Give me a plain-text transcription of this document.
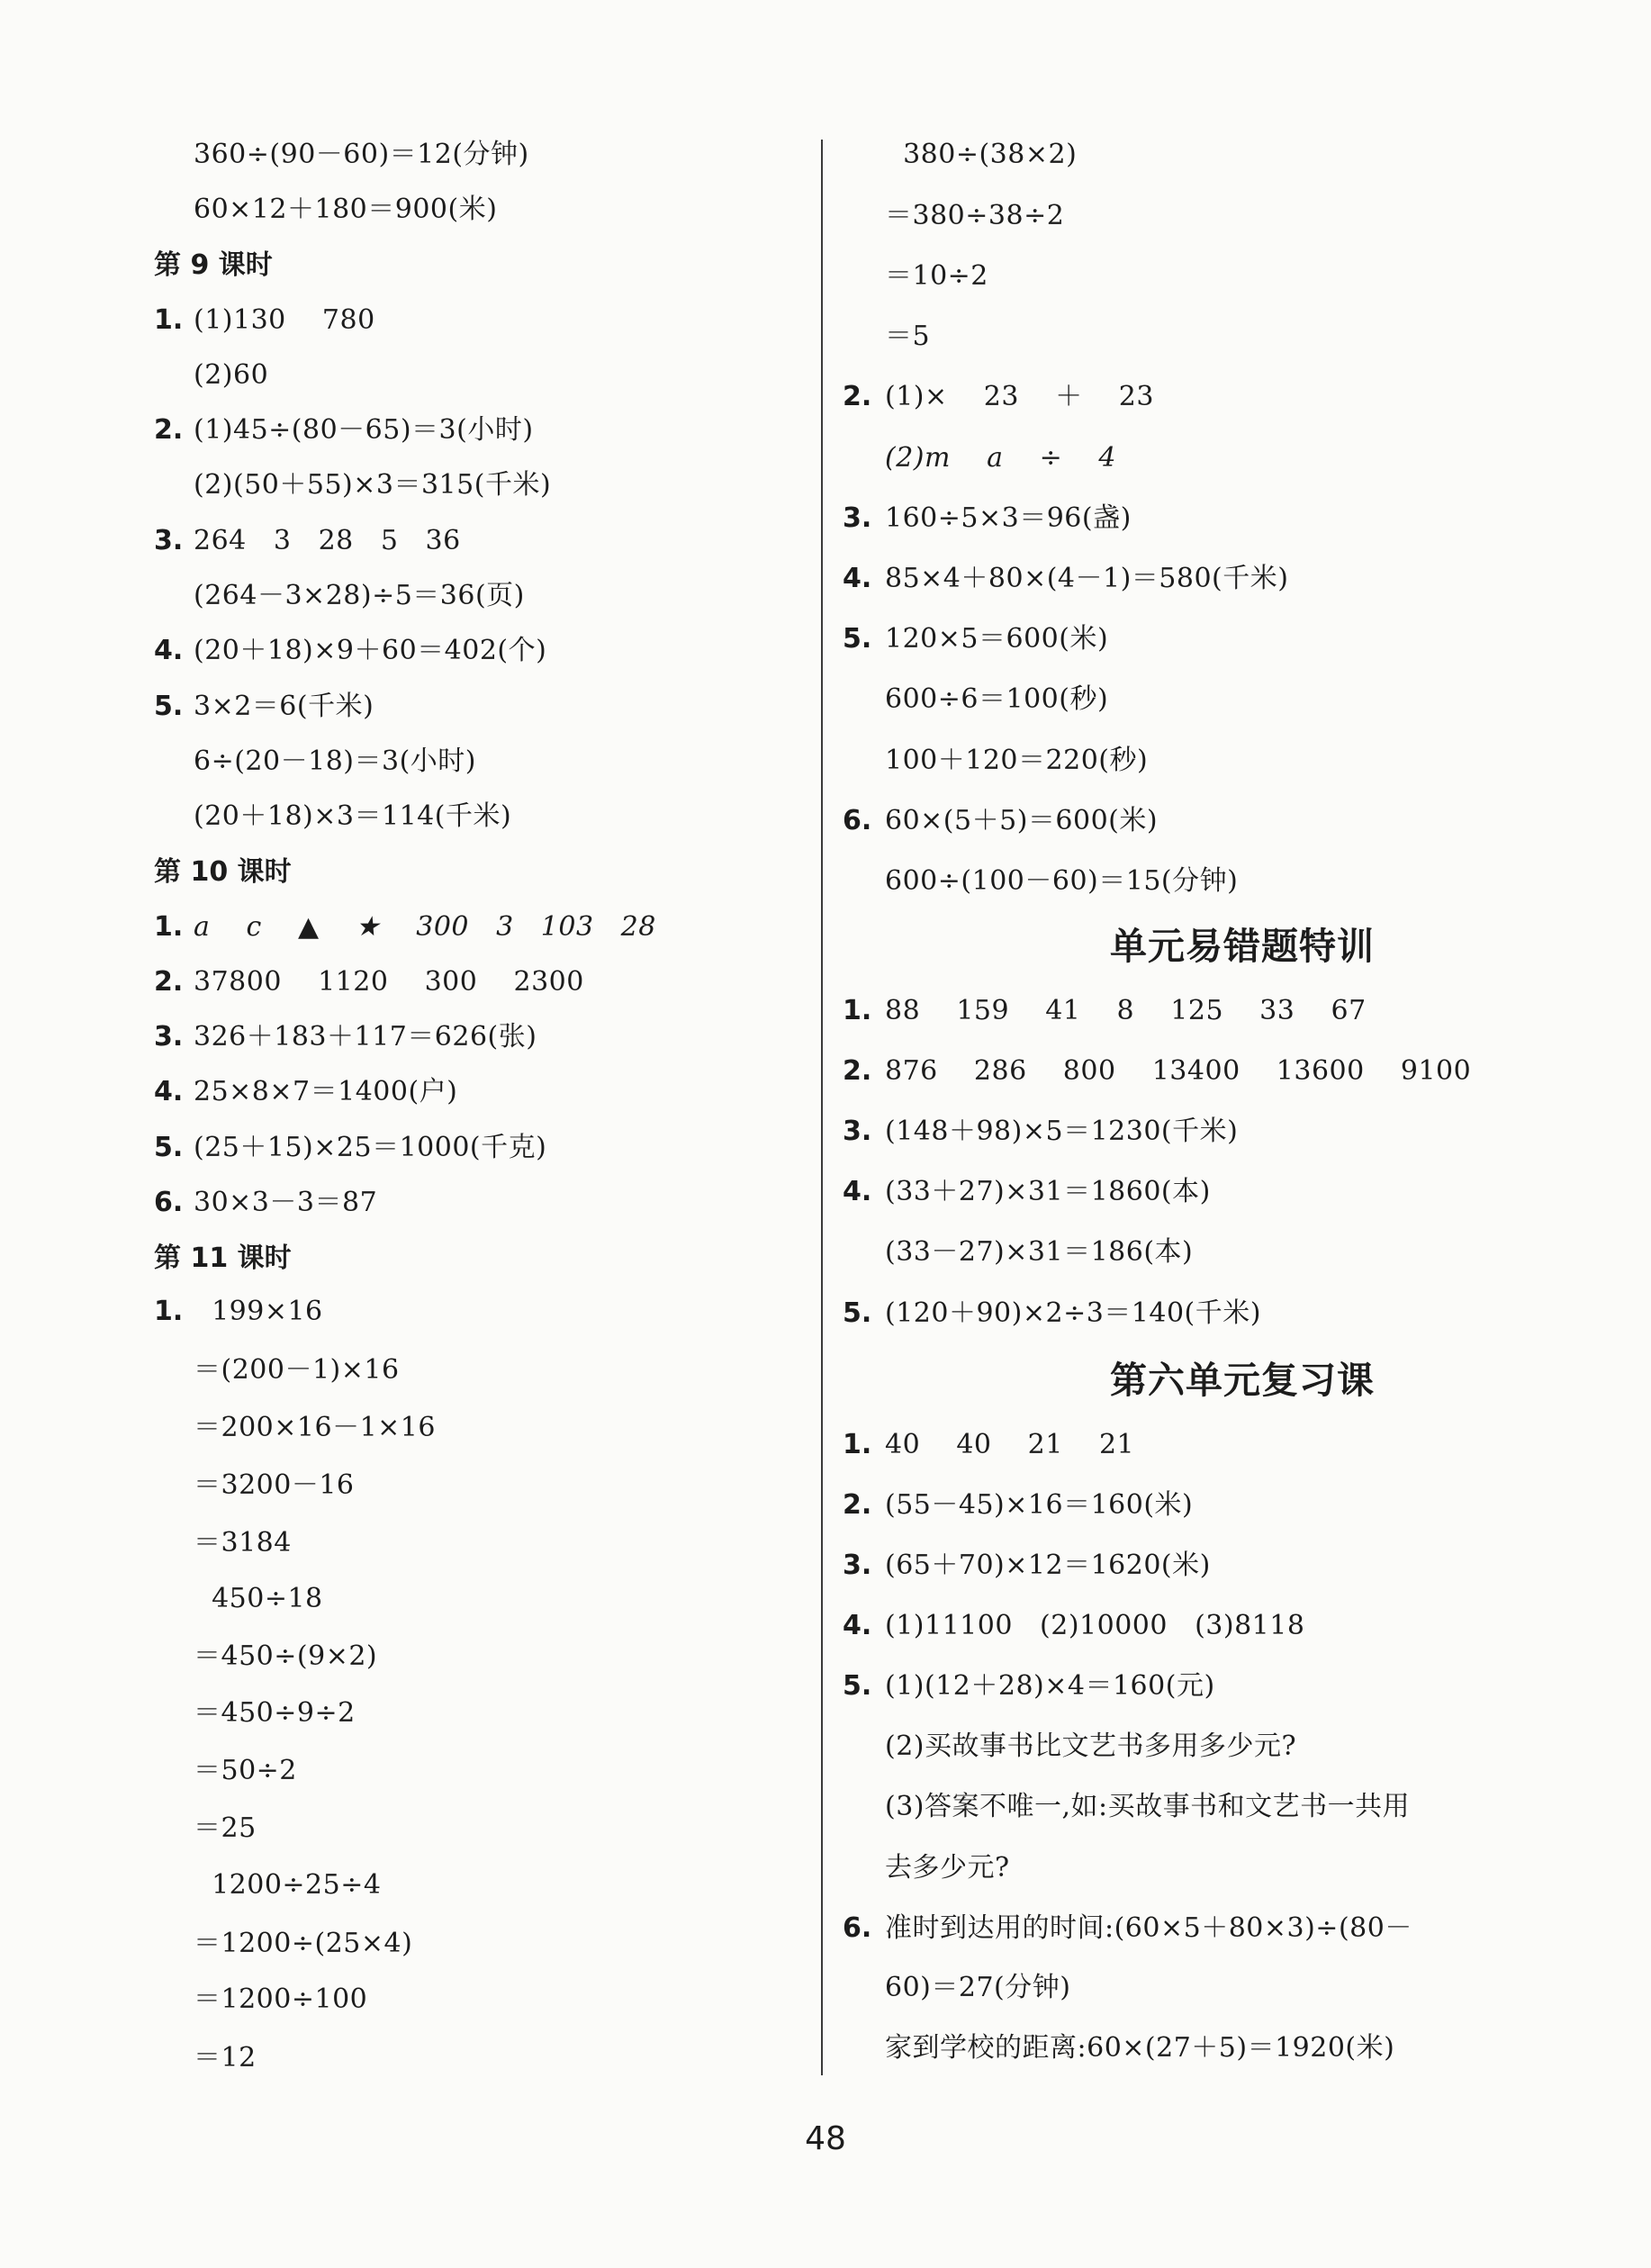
360÷(90－60)＝12(分钟)
60×12＋180＝900(米)
第 9 课时
1. (1)130    780
(2)60
2. (1)45÷(80－65)＝3(小时)
(2)(50＋55)×3＝315(千米)
3. 264   3   28   5   36
(264－3×28)÷5＝36(页)
4. (20＋18)×9＋60＝402(个)
5. 3×2＝6(千米)
6÷(20－18)＝3(小时)
(20＋18)×3＝114(千米)
第 10 课时
1. a    c    ▲    ★    300   3   103   28
2. 37800    1120    300    2300
3. 326＋183＋117＝626(张)
4. 25×8×7＝1400(户)
5. (25＋15)×25＝1000(千克)
6. 30×3－3＝87
第 11 课时
1. 199×16
＝(200－1)×16
＝200×16－1×16
＝3200－16
＝3184
450÷18
＝450÷(9×2)
＝450÷9÷2
＝50÷2
＝25
1200÷25÷4
＝1200÷(25×4)
＝1200÷100
＝12
380÷(38×2)
＝380÷38÷2
＝10÷2
＝5
2. (1)×    23    ＋    23
(2)m    a    ÷    4
3. 160÷5×3＝96(盏)
4. 85×4＋80×(4－1)＝580(千米)
5. 120×5＝600(米)
600÷6＝100(秒)
100＋120＝220(秒)
6. 60×(5＋5)＝600(米)
600÷(100－60)＝15(分钟)
单元易错题特训
1. 88    159    41    8    125    33    67
2. 876    286    800    13400    13600    9100
3. (148＋98)×5＝1230(千米)
4. (33＋27)×31＝1860(本)
(33－27)×31＝186(本)
5. (120＋90)×2÷3＝140(千米)
第六单元复习课
1. 40    40    21    21
2. (55－45)×16＝160(米)
3. (65＋70)×12＝1620(米)
4. (1)11100   (2)10000   (3)8118
5. (1)(12＋28)×4＝160(元)
(2)买故事书比文艺书多用多少元?
(3)答案不唯一,如:买故事书和文艺书一共用
去多少元?
6. 准时到达用的时间:(60×5＋80×3)÷(80－
60)＝27(分钟)
家到学校的距离:60×(27＋5)＝1920(米)
48
